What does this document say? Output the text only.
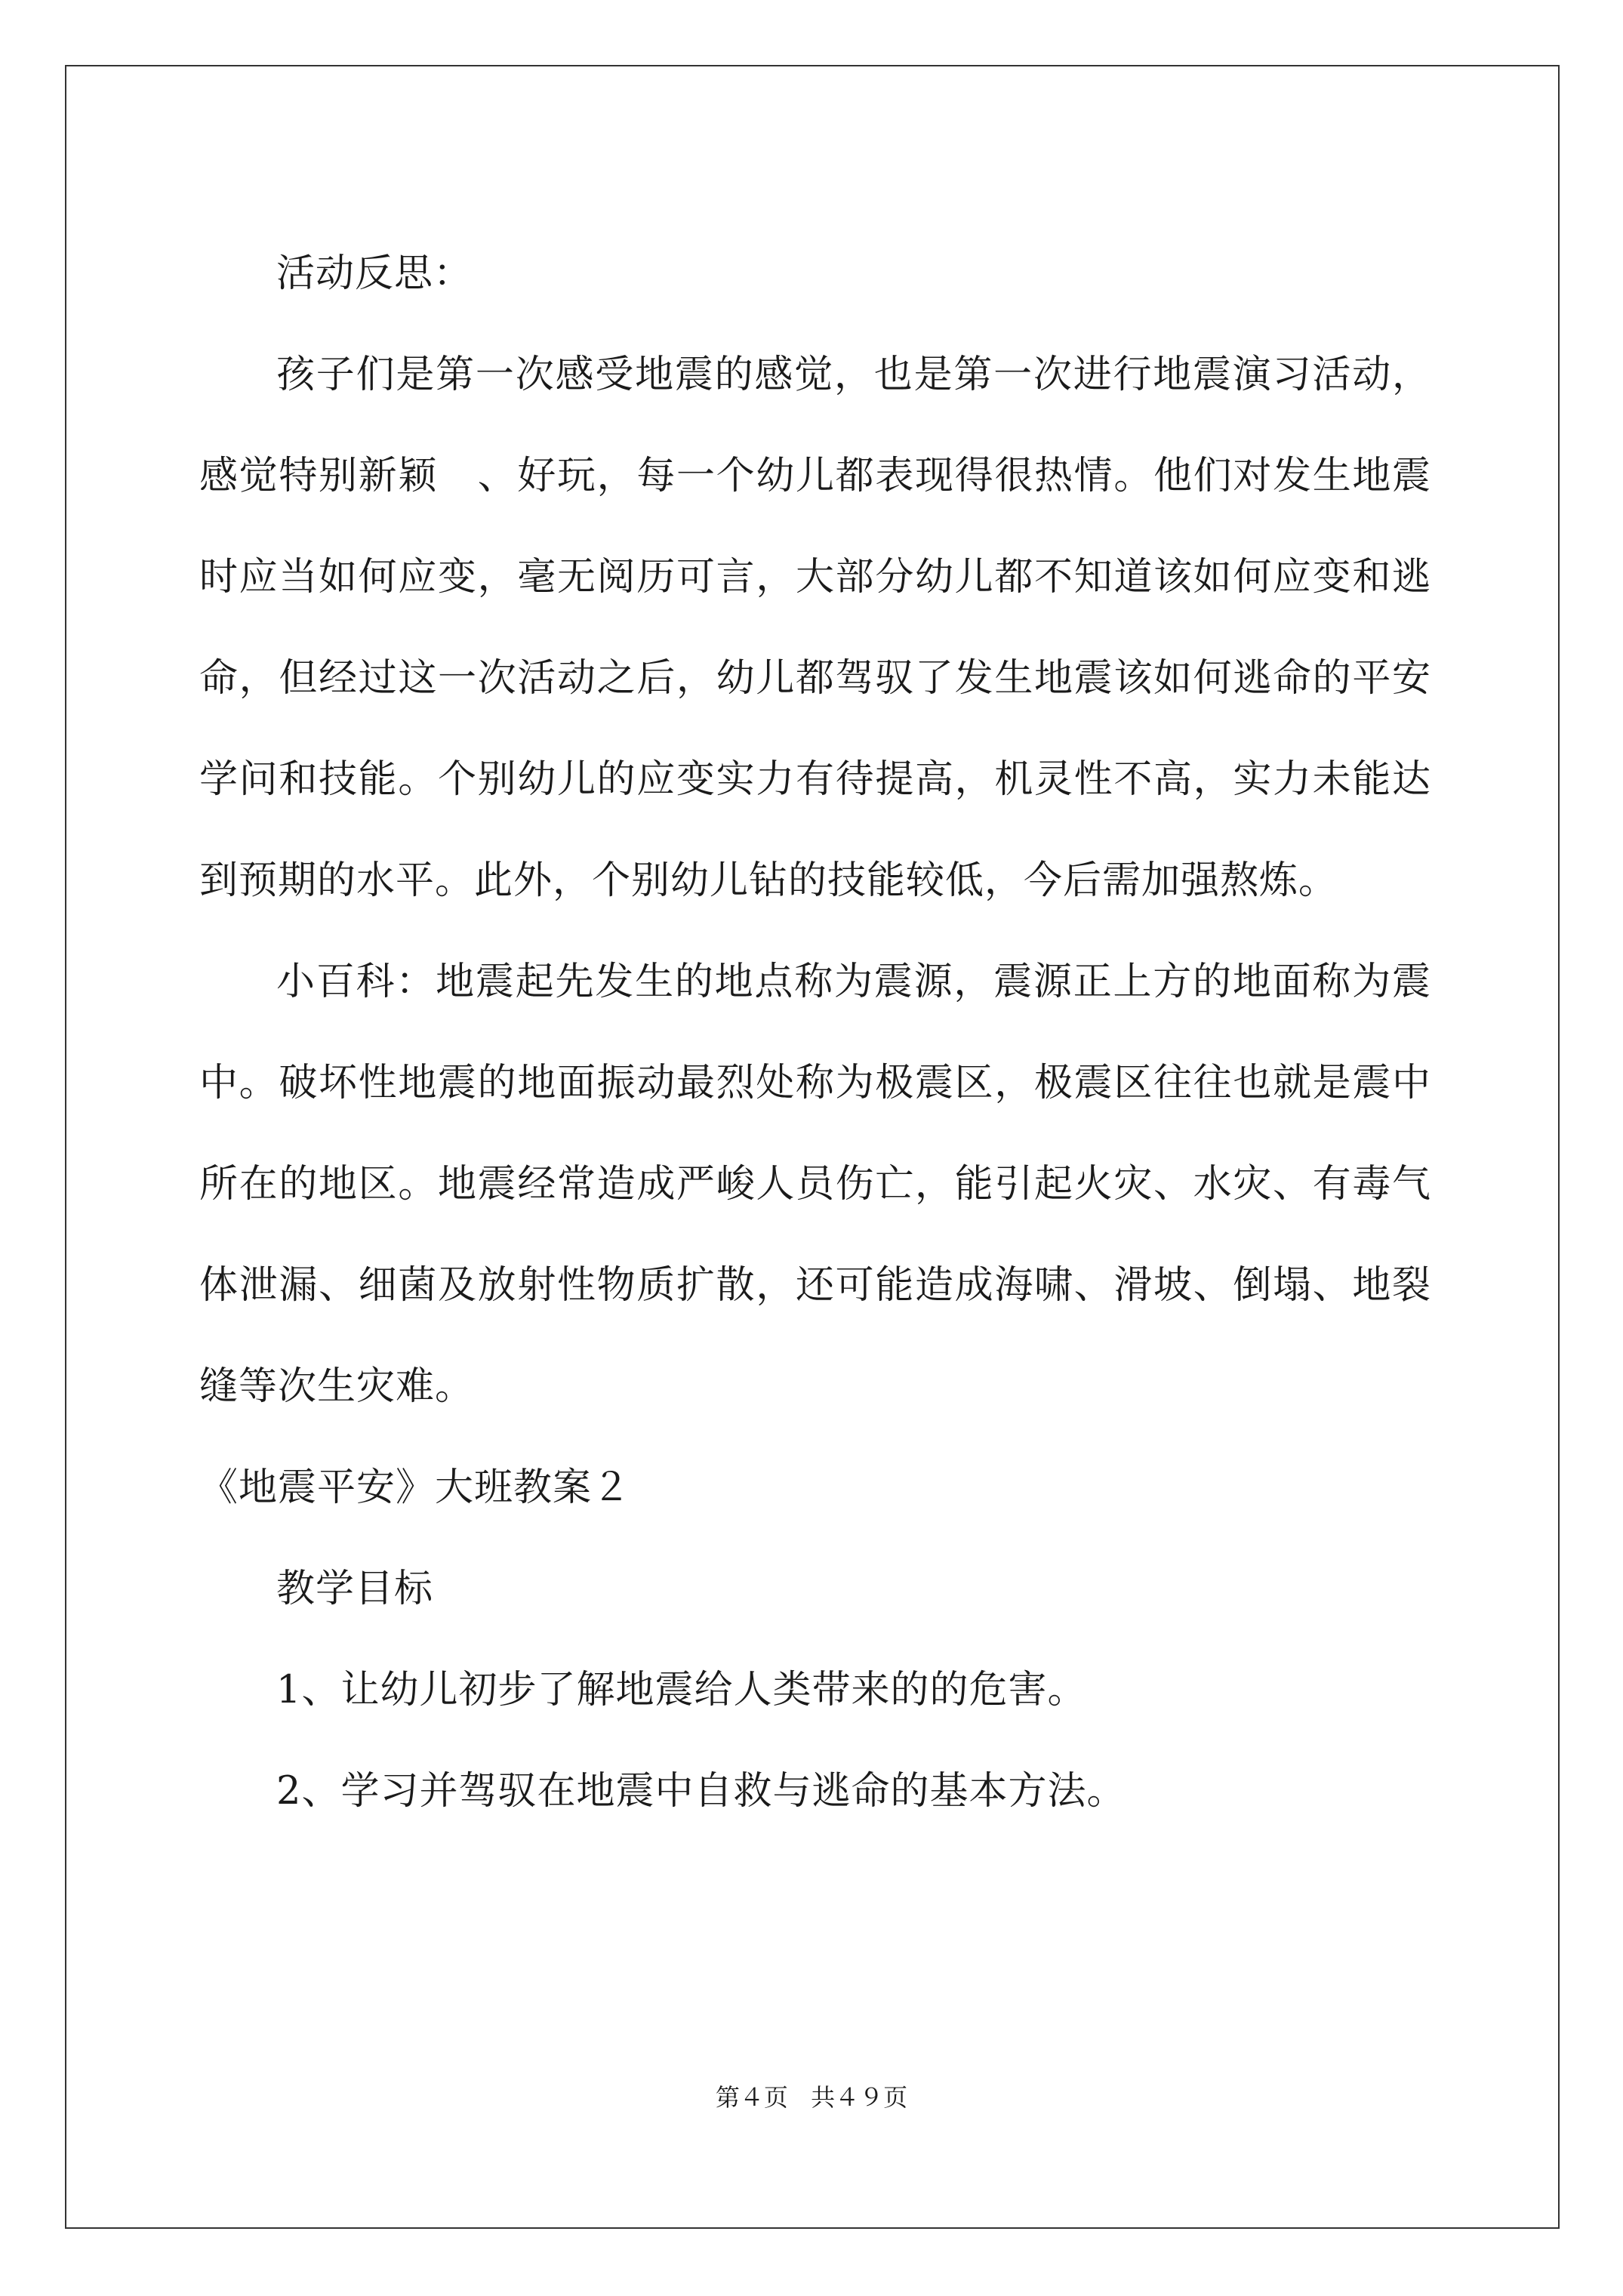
活动反思：

孩子们是第一次感受地震的感觉，也是第一次进行地震演习活动，感觉特别新颖　、好玩，每一个幼儿都表现得很热情。他们对发生地震时应当如何应变，毫无阅历可言，大部分幼儿都不知道该如何应变和逃命，但经过这一次活动之后，幼儿都驾驭了发生地震该如何逃命的平安学问和技能。个别幼儿的应变实力有待提高，机灵性不高，实力未能达到预期的水平。此外，个别幼儿钻的技能较低，今后需加强熬炼。

小百科：地震起先发生的地点称为震源，震源正上方的地面称为震中。破坏性地震的地面振动最烈处称为极震区，极震区往往也就是震中所在的地区。地震经常造成严峻人员伤亡，能引起火灾、水灾、有毒气体泄漏、细菌及放射性物质扩散，还可能造成海啸、滑坡、倒塌、地裂缝等次生灾难。

《地震平安》大班教案２

教学目标

1、让幼儿初步了解地震给人类带来的的危害。

2、学习并驾驭在地震中自救与逃命的基本方法。

第４页 共４９页
